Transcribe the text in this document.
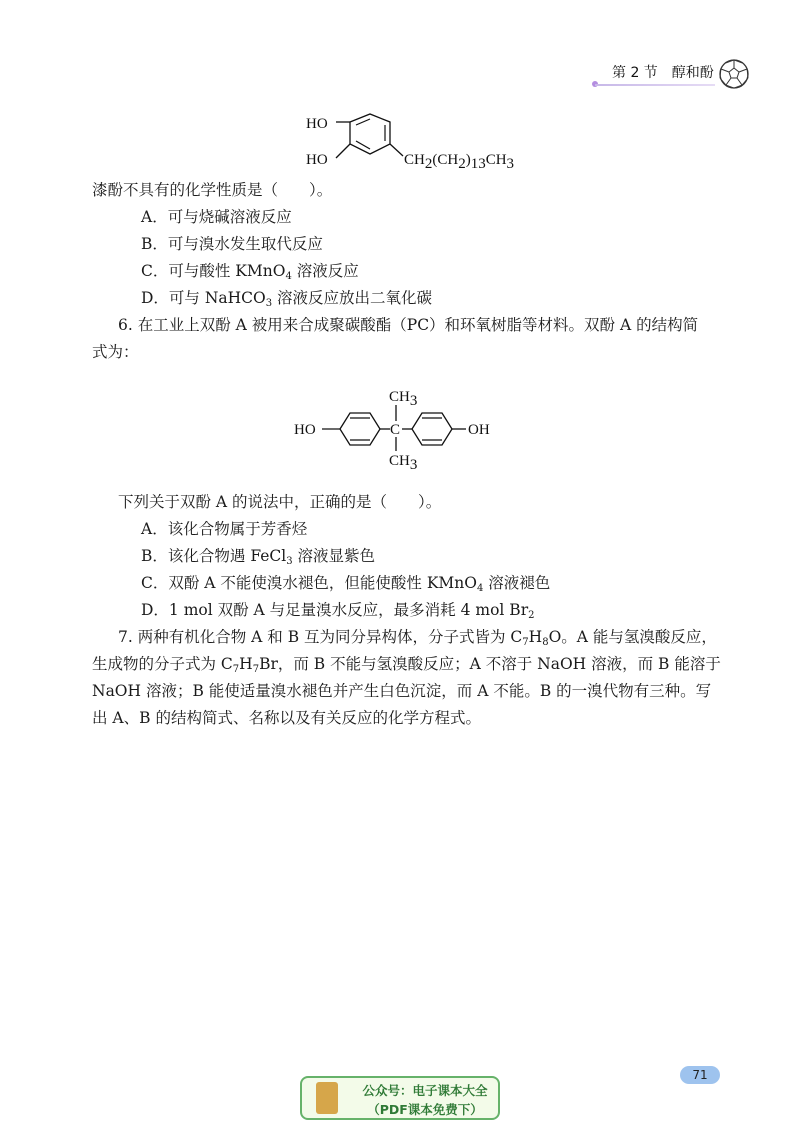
第 2 节　醇和酚
HO
HO	CH2(CH2)13CH3
漆酚不具有的化学性质是（　　）。
A．可与烧碱溶液反应
B．可与溴水发生取代反应
C．可与酸性 KMnO$_4$ 溶液反应
D．可与 NaHCO$_3$ 溶液反应放出二氧化碳
6. 在工业上双酚 A 被用来合成聚碳酸酯（PC）和环氧树脂等材料。双酚 A 的结构简
式为：
HO	C	OH
CH3
CH3
下列关于双酚 A 的说法中，正确的是（　　）。
A．该化合物属于芳香烃
B．该化合物遇 FeCl$_3$ 溶液显紫色
C．双酚 A 不能使溴水褪色，但能使酸性 KMnO$_4$ 溶液褪色
D．1 mol 双酚 A 与足量溴水反应，最多消耗 4 mol $Br_2$
7. 两种有机化合物 A 和 B 互为同分异构体，分子式皆为 $C_7H_8O$。A 能与氢溴酸反应，
生成物的分子式为 $C_7H_7Br$，而 B 不能与氢溴酸反应；A 不溶于 NaOH 溶液，而 B 能溶于
NaOH 溶液；B 能使适量溴水褪色并产生白色沉淀，而 A 不能。B 的一溴代物有三种。写
出 A、B 的结构简式、名称以及有关反应的化学方程式。
71
公众号：电子课本大全
（PDF课本免费下）
